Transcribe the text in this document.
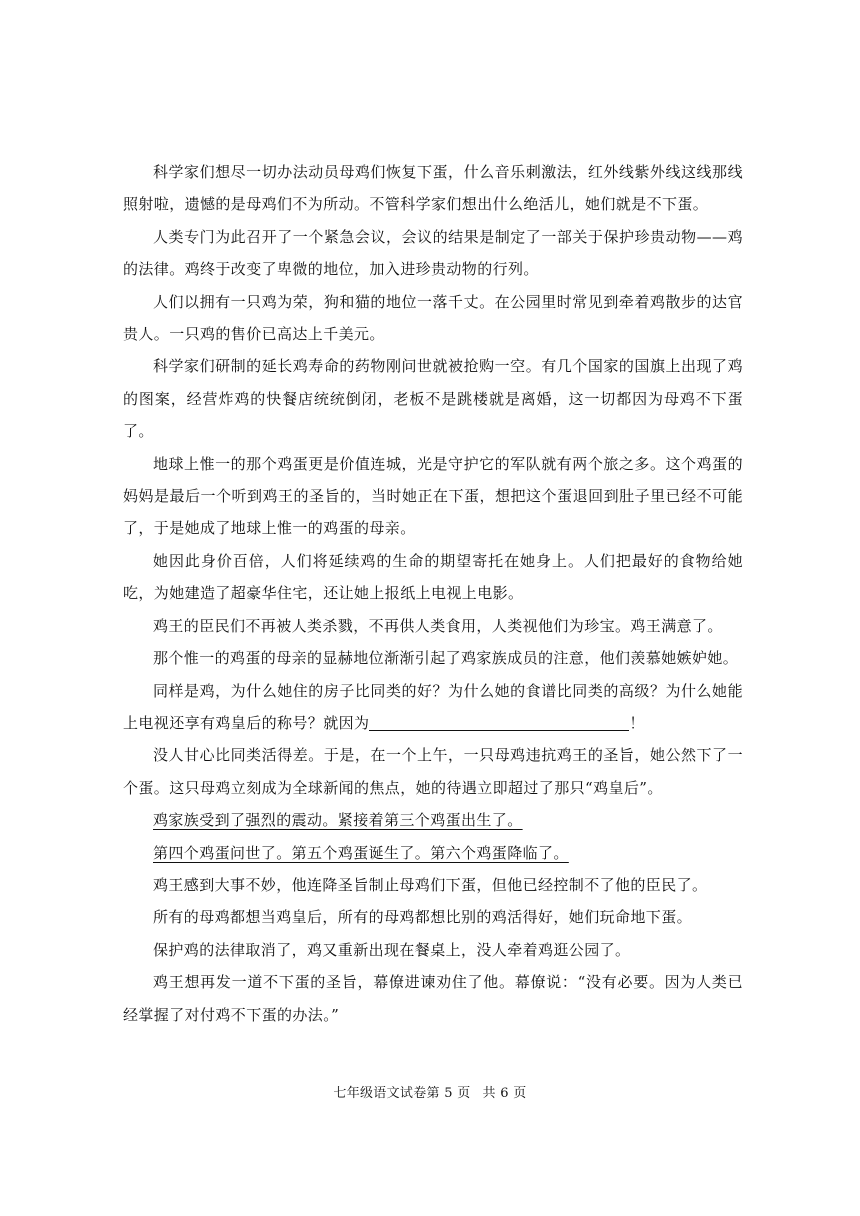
科学家们想尽一切办法动员母鸡们恢复下蛋，什么音乐刺激法，红外线紫外线这线那线照射啦，遗憾的是母鸡们不为所动。不管科学家们想出什么绝活儿，她们就是不下蛋。

人类专门为此召开了一个紧急会议，会议的结果是制定了一部关于保护珍贵动物——鸡的法律。鸡终于改变了卑微的地位，加入进珍贵动物的行列。

人们以拥有一只鸡为荣，狗和猫的地位一落千丈。在公园里时常见到牵着鸡散步的达官贵人。一只鸡的售价已高达上千美元。

科学家们研制的延长鸡寿命的药物刚问世就被抢购一空。有几个国家的国旗上出现了鸡的图案，经营炸鸡的快餐店统统倒闭，老板不是跳楼就是离婚，这一切都因为母鸡不下蛋了。

地球上惟一的那个鸡蛋更是价值连城，光是守护它的军队就有两个旅之多。这个鸡蛋的妈妈是最后一个听到鸡王的圣旨的，当时她正在下蛋，想把这个蛋退回到肚子里已经不可能了，于是她成了地球上惟一的鸡蛋的母亲。

她因此身价百倍，人们将延续鸡的生命的期望寄托在她身上。人们把最好的食物给她吃，为她建造了超豪华住宅，还让她上报纸上电视上电影。

鸡王的臣民们不再被人类杀戮，不再供人类食用，人类视他们为珍宝。鸡王满意了。

那个惟一的鸡蛋的母亲的显赫地位渐渐引起了鸡家族成员的注意，他们羡慕她嫉妒她。

同样是鸡，为什么她住的房子比同类的好？为什么她的食谱比同类的高级？为什么她能上电视还享有鸡皇后的称号？就因为	！

没人甘心比同类活得差。于是，在一个上午，一只母鸡违抗鸡王的圣旨，她公然下了一个蛋。这只母鸡立刻成为全球新闻的焦点，她的待遇立即超过了那只“鸡皇后”。

鸡家族受到了强烈的震动。紧接着第三个鸡蛋出生了。

第四个鸡蛋问世了。第五个鸡蛋诞生了。第六个鸡蛋降临了。

鸡王感到大事不妙，他连降圣旨制止母鸡们下蛋，但他已经控制不了他的臣民了。

所有的母鸡都想当鸡皇后，所有的母鸡都想比别的鸡活得好，她们玩命地下蛋。

保护鸡的法律取消了，鸡又重新出现在餐桌上，没人牵着鸡逛公园了。

鸡王想再发一道不下蛋的圣旨，幕僚进谏劝住了他。幕僚说：“没有必要。因为人类已经掌握了对付鸡不下蛋的办法。”

七年级语文试卷第 5 页 共 6 页
